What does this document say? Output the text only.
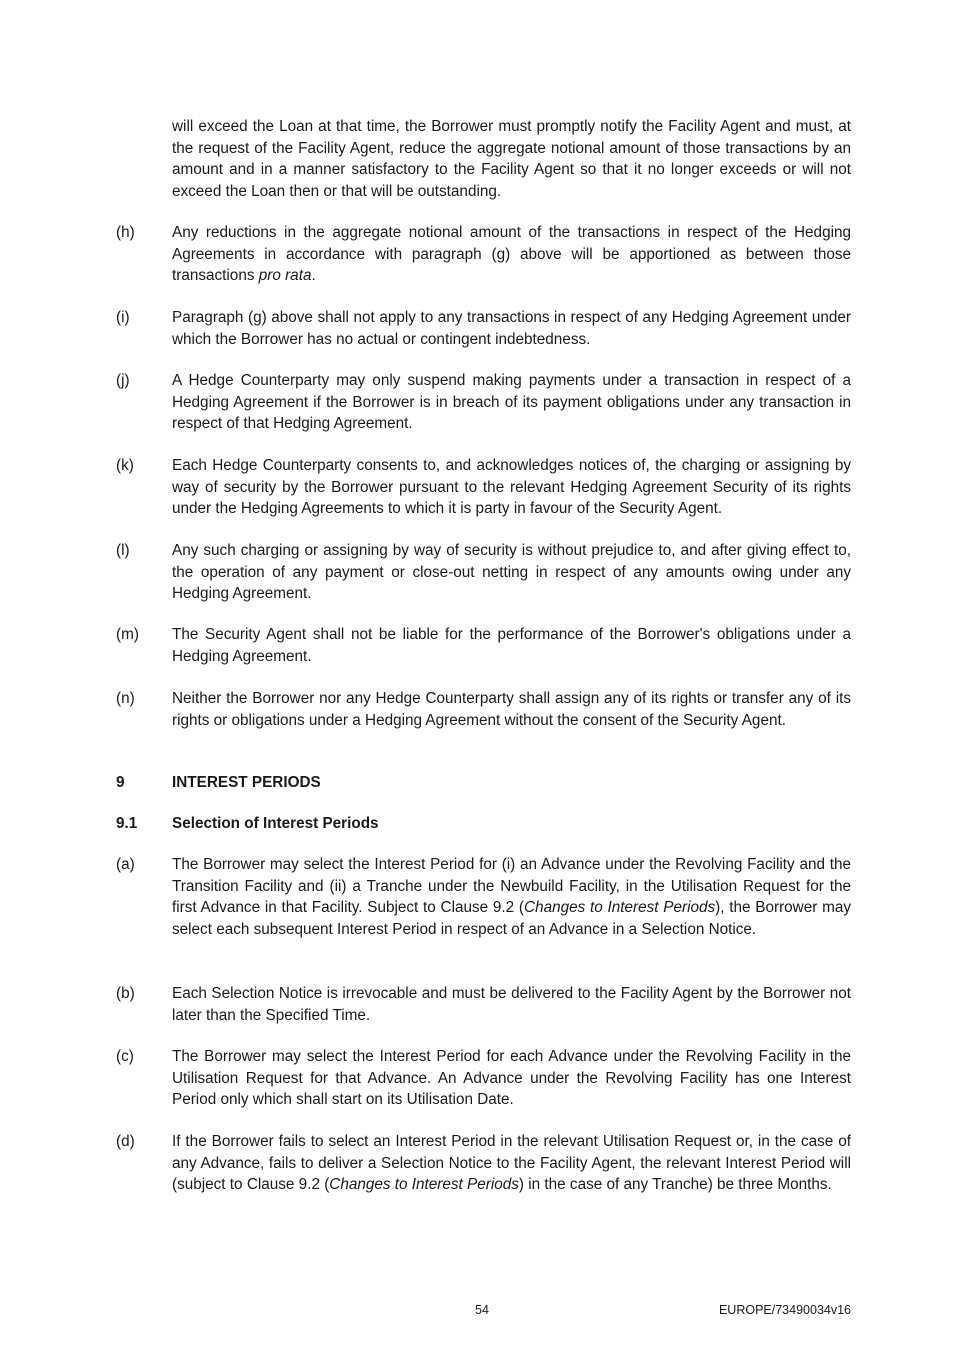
will exceed the Loan at that time, the Borrower must promptly notify the Facility Agent and must, at the request of the Facility Agent, reduce the aggregate notional amount of those transactions by an amount and in a manner satisfactory to the Facility Agent so that it no longer exceeds or will not exceed the Loan then or that will be outstanding.

(h) Any reductions in the aggregate notional amount of the transactions in respect of the Hedging Agreements in accordance with paragraph (g) above will be apportioned as between those transactions pro rata.

(i)	Paragraph (g) above shall not apply to any transactions in respect of any Hedging Agreement under which the Borrower has no actual or contingent indebtedness.

(j)	A Hedge Counterparty may only suspend making payments under a transaction in respect of a Hedging Agreement if the Borrower is in breach of its payment obligations under any transaction in respect of that Hedging Agreement.

(k) Each Hedge Counterparty consents to, and acknowledges notices of, the charging or assigning by way of security by the Borrower pursuant to the relevant Hedging Agreement Security of its rights under the Hedging Agreements to which it is party in favour of the Security Agent.

(l)	Any such charging or assigning by way of security is without prejudice to, and after giving effect to, the operation of any payment or close-out netting in respect of any amounts owing under any Hedging Agreement.

(m) The Security Agent shall not be liable for the performance of the Borrower's obligations under a Hedging Agreement.

(n) Neither the Borrower nor any Hedge Counterparty shall assign any of its rights or transfer any of its rights or obligations under a Hedging Agreement without the consent of the Security Agent.

9	INTEREST PERIODS

9.1 Selection of Interest Periods

(a) The Borrower may select the Interest Period for (i) an Advance under the Revolving Facility and the Transition Facility and (ii) a Tranche under the Newbuild Facility, in the Utilisation Request for the first Advance in that Facility. Subject to Clause 9.2 (Changes to Interest Periods), the Borrower may select each subsequent Interest Period in respect of an Advance in a Selection Notice.

(b) Each Selection Notice is irrevocable and must be delivered to the Facility Agent by the Borrower not later than the Specified Time.

(c) The Borrower may select the Interest Period for each Advance under the Revolving Facility in the Utilisation Request for that Advance. An Advance under the Revolving Facility has one Interest Period only which shall start on its Utilisation Date.

(d) If the Borrower fails to select an Interest Period in the relevant Utilisation Request or, in the case of any Advance, fails to deliver a Selection Notice to the Facility Agent, the relevant Interest Period will (subject to Clause 9.2 (Changes to Interest Periods) in the case of any Tranche) be three Months.

54	EUROPE/73490034v16
